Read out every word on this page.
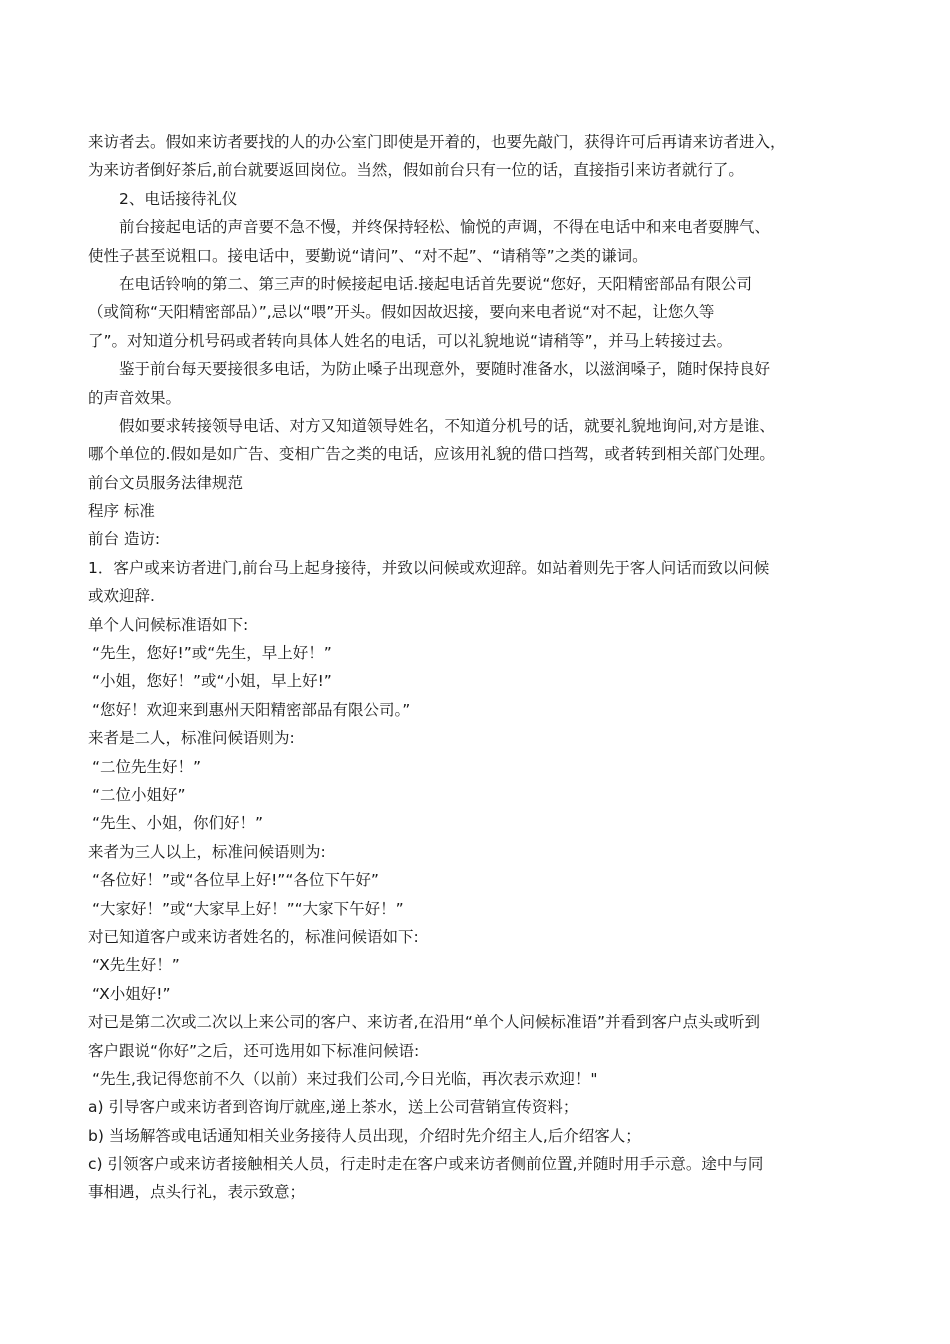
来访者去。假如来访者要找的人的办公室门即使是开着的，也要先敲门，获得许可后再请来访者进入，
为来访者倒好茶后,前台就要返回岗位。当然，假如前台只有一位的话，直接指引来访者就行了。
2、电话接待礼仪
前台接起电话的声音要不急不慢，并终保持轻松、愉悦的声调，不得在电话中和来电者耍脾气、
使性子甚至说粗口。接电话中，要勤说“请问”、“对不起”、“请稍等”之类的谦词。
在电话铃响的第二、第三声的时候接起电话.接起电话首先要说“您好，天阳精密部品有限公司
（或简称“天阳精密部品）”,忌以“喂”开头。假如因故迟接，要向来电者说“对不起，让您久等
了”。对知道分机号码或者转向具体人姓名的电话，可以礼貌地说“请稍等”，并马上转接过去。
鉴于前台每天要接很多电话，为防止嗓子出现意外，要随时准备水，以滋润嗓子，随时保持良好
的声音效果。
假如要求转接领导电话、对方又知道领导姓名，不知道分机号的话，就要礼貌地询问,对方是谁、
哪个单位的.假如是如广告、变相广告之类的电话，应该用礼貌的借口挡驾，或者转到相关部门处理。
前台文员服务法律规范
程序 标准
前台 造访:
1．客户或来访者进门,前台马上起身接待，并致以问候或欢迎辞。如站着则先于客人问话而致以问候
或欢迎辞.
单个人问候标准语如下:
“先生，您好!”或“先生，早上好！”
“小姐，您好！”或“小姐，早上好!”
“您好！欢迎来到惠州天阳精密部品有限公司。”
来者是二人，标准问候语则为:
“二位先生好！”
“二位小姐好”
“先生、小姐，你们好！”
来者为三人以上，标准问候语则为:
“各位好！”或“各位早上好!”“各位下午好”
“大家好！”或“大家早上好！”“大家下午好！”
对已知道客户或来访者姓名的，标准问候语如下:
“X先生好！”
“X小姐好!”
对已是第二次或二次以上来公司的客户、来访者,在沿用“单个人问候标准语”并看到客户点头或听到
客户跟说“你好”之后，还可选用如下标准问候语:
“先生,我记得您前不久（以前）来过我们公司,今日光临，再次表示欢迎！"
a) 引导客户或来访者到咨询厅就座,递上茶水，送上公司营销宣传资料；
b) 当场解答或电话通知相关业务接待人员出现，介绍时先介绍主人,后介绍客人；
c) 引领客户或来访者接触相关人员，行走时走在客户或来访者侧前位置,并随时用手示意。途中与同
事相遇，点头行礼，表示致意；
